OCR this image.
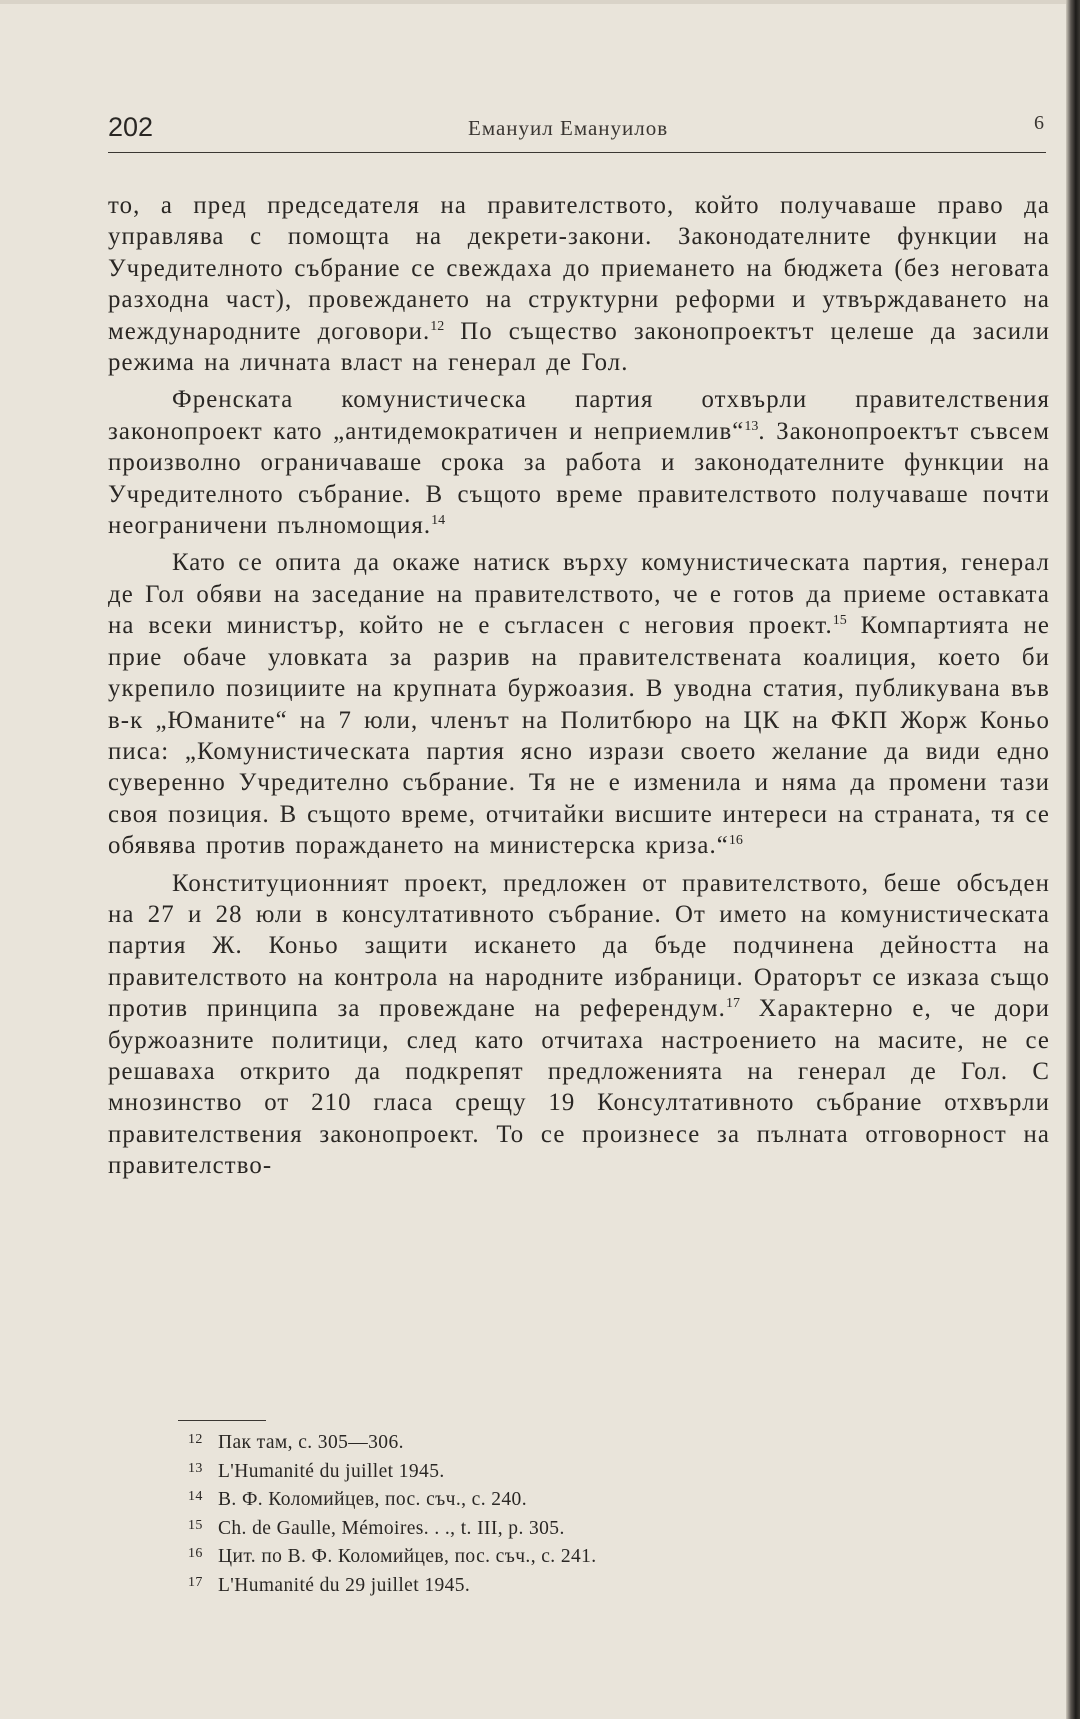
202	Емануил Емануилов	6

то, а пред председателя на правителството, който получаваше право да управлява с помощта на декрети-закони. Законодателните функции на Учредителното събрание се свеждаха до приемането на бюджета (без неговата разходна част), провеждането на структурни реформи и утвърждаването на международните договори.$^{12}$ По същество законопроектът целеше да засили режима на личната власт на генерал де Гол.

Френската комунистическа партия отхвърли правителствения законопроект като „антидемократичен и неприемлив“$^{13}$. Законопроектът съвсем произволно ограничаваше срока за работа и законодателните функции на Учредителното събрание. В същото време правителството получаваше почти неограничени пълномощия.$^{14}$

Като се опита да окаже натиск върху комунистическата партия, генерал де Гол обяви на заседание на правителството, че е готов да приеме оставката на всеки министър, който не е съгласен с неговия проект.$^{15}$ Компартията не прие обаче уловката за разрив на правителствената коалиция, което би укрепило позициите на крупната буржоазия. В уводна статия, публикувана във в-к „Юманите“ на 7 юли, членът на Политбюро на ЦК на ФКП Жорж Коньо писа: „Комунистическата партия ясно изрази своето желание да види едно суверенно Учредително събрание. Тя не е изменила и няма да промени тази своя позиция. В същото време, отчитайки висшите интереси на страната, тя се обявява против пораждането на министерска криза.“$^{16}$

Конституционният проект, предложен от правителството, беше обсъден на 27 и 28 юли в консултативното събрание. От името на комунистическата партия Ж. Коньо защити искането да бъде подчинена дейността на правителството на контрола на народните избраници. Ораторът се изказа също против принципа за провеждане на референдум.$^{17}$ Характерно е, че дори буржоазните политици, след като отчитаха настроението на масите, не се решаваха открито да подкрепят предложенията на генерал де Гол. С мнозинство от 210 гласа срещу 19 Консултативното събрание отхвърли правителствения законопроект. То се произнесе за пълната отговорност на правителство-

12 Пак там, с. 305—306.
13 L'Humanité du juillet 1945.
14 В. Ф. Коломийцев, пос. съч., с. 240.
15 Ch. de Gaulle, Mémoires. . ., t. III, p. 305.
16 Цит. по В. Ф. Коломийцев, пос. съч., с. 241.
17 L'Humanité du 29 juillet 1945.
